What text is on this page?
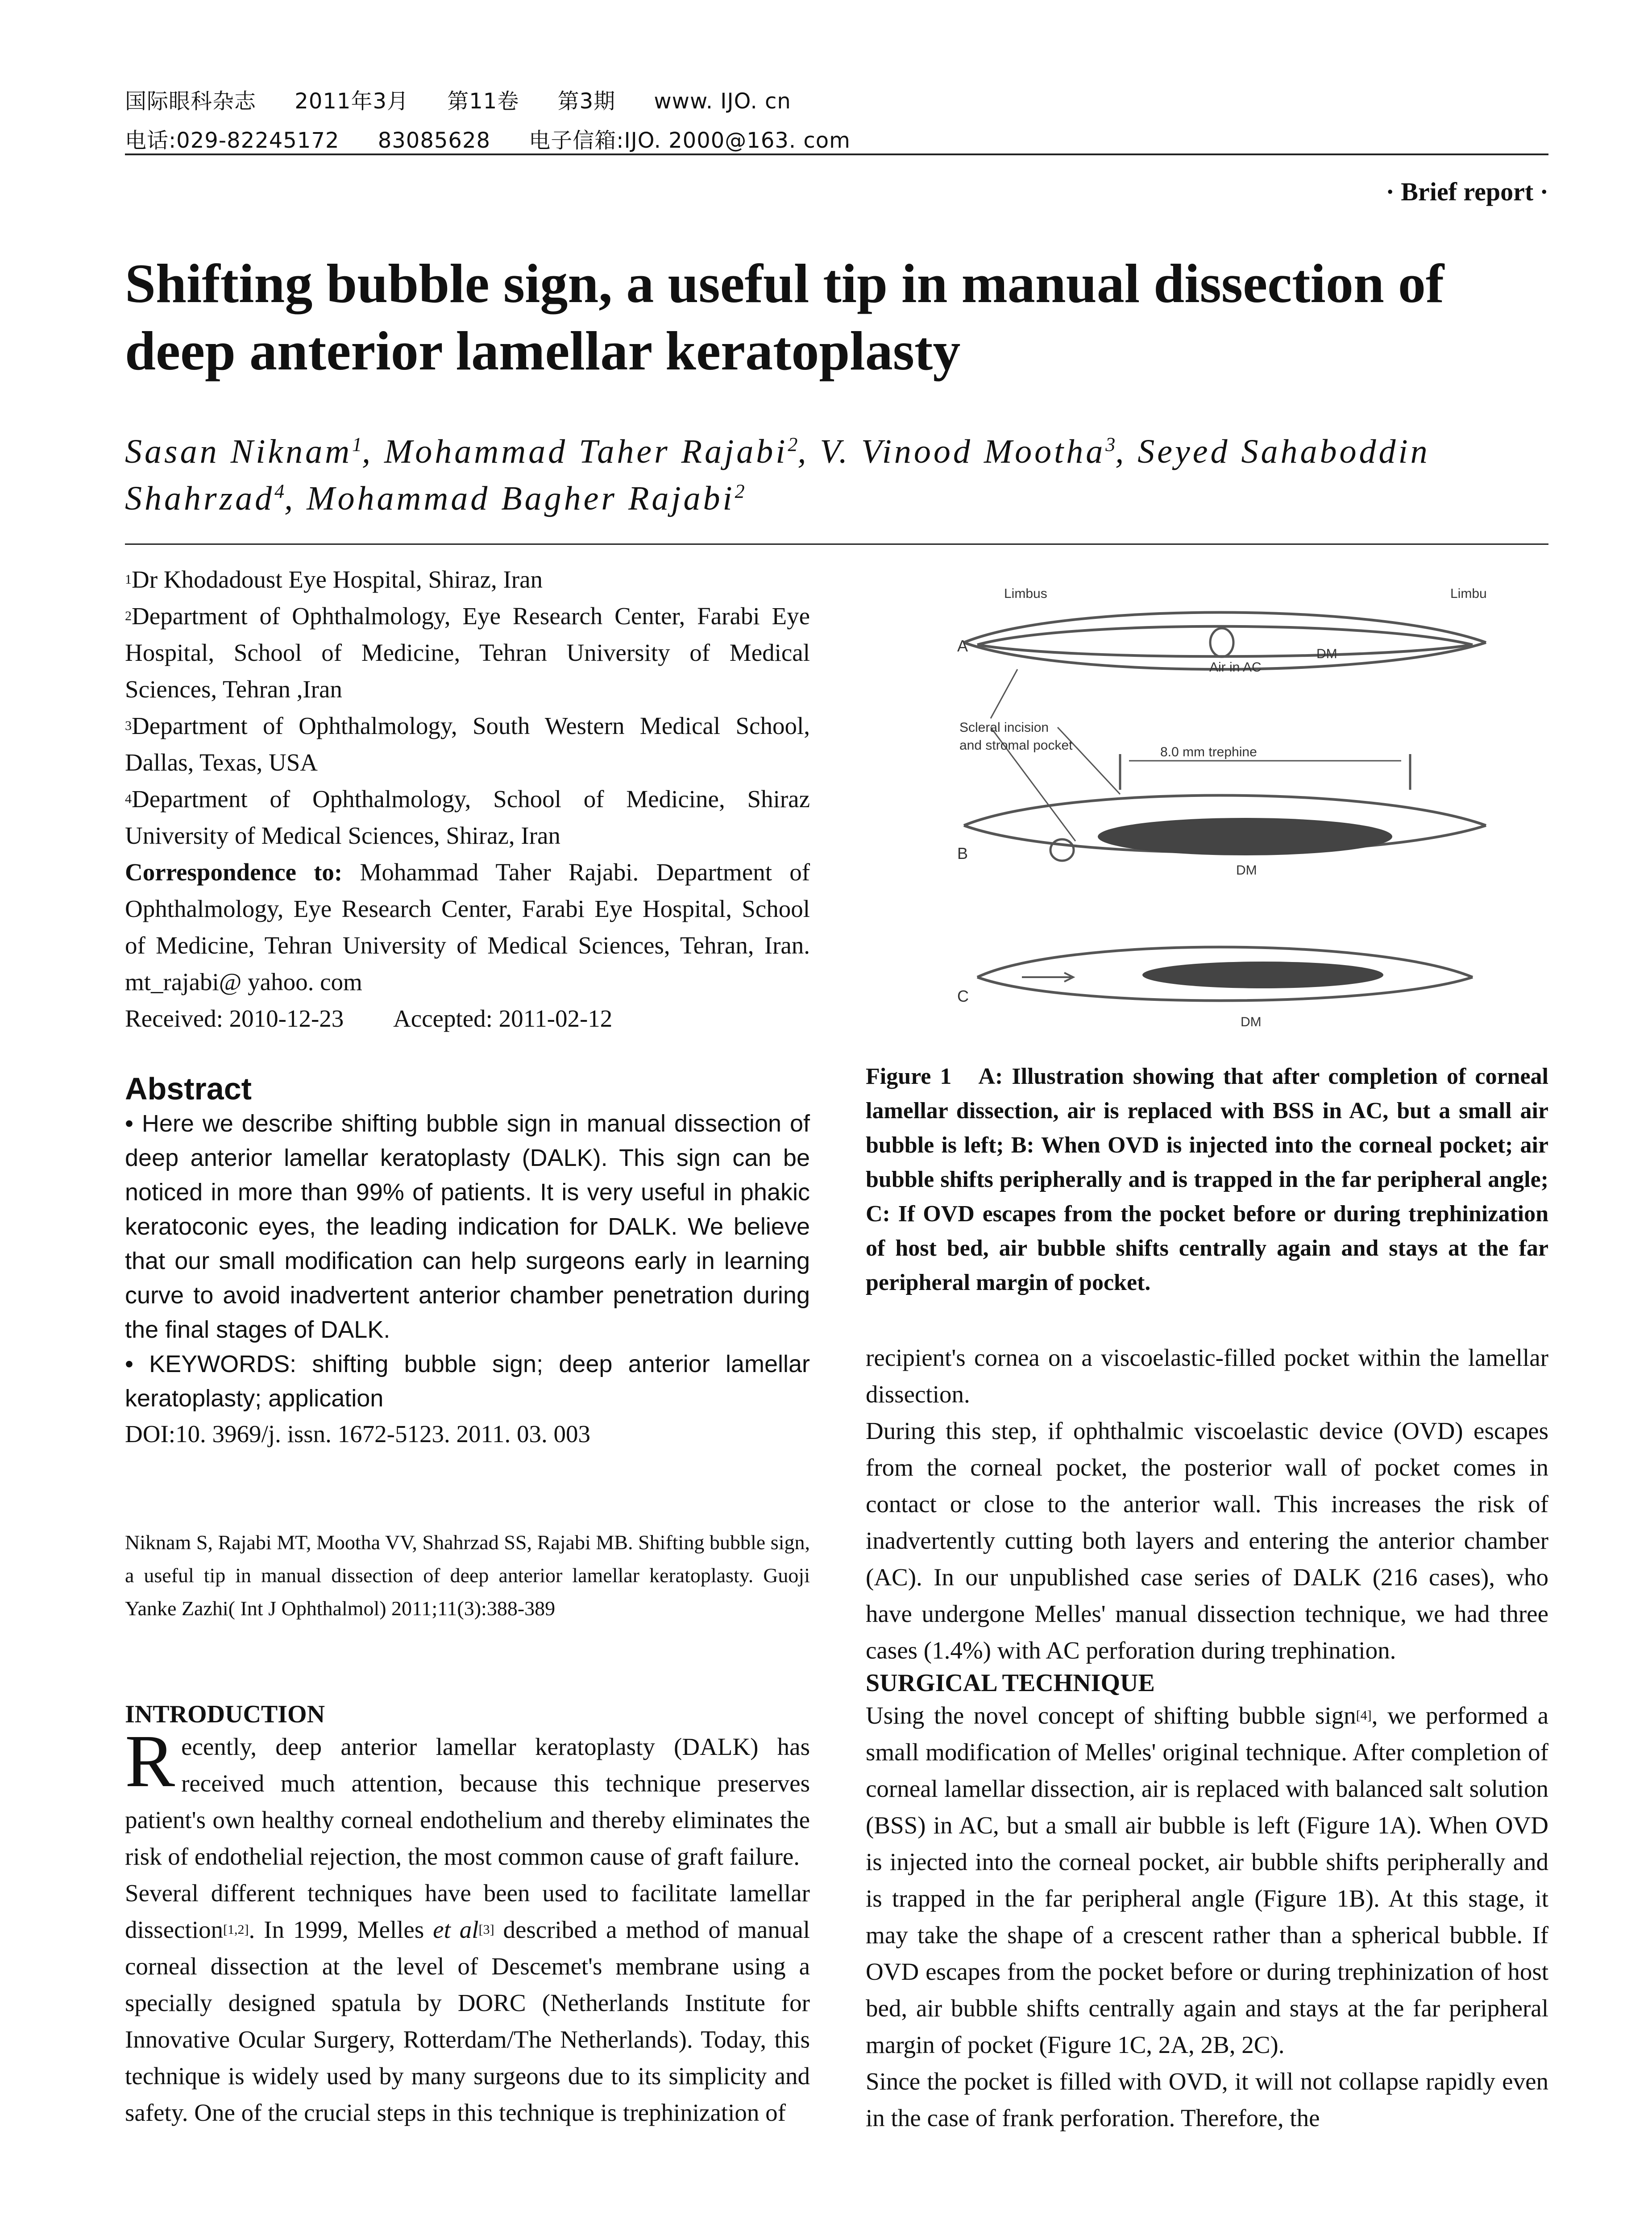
国际眼科杂志 2011年3月 第11卷 第3期 www. IJO. cn
电话:029-82245172 83085628 电子信箱:IJO. 2000@163. com
· Brief report ·
Shifting bubble sign, a useful tip in manual dissection of deep anterior lamellar keratoplasty
Sasan Niknam$^1$, Mohammad Taher Rajabi$^2$, V. Vinood Mootha$^3$, Seyed Sahaboddin Shahrzad$^4$, Mohammad Bagher Rajabi$^2$

$^1$Dr Khodadoust Eye Hospital, Shiraz, Iran

$^2$Department of Ophthalmology, Eye Research Center, Farabi Eye Hospital, School of Medicine, Tehran University of Medical Sciences, Tehran ,Iran

$^3$Department of Ophthalmology, South Western Medical School, Dallas, Texas, USA

$^4$Department of Ophthalmology, School of Medicine, Shiraz University of Medical Sciences, Shiraz, Iran

Correspondence to: Mohammad Taher Rajabi. Department of Ophthalmology, Eye Research Center, Farabi Eye Hospital, School of Medicine, Tehran University of Medical Sciences, Tehran, Iran. mt_rajabi@ yahoo. com

Received: 2010-12-23 Accepted: 2011-02-12

Abstract

• Here we describe shifting bubble sign in manual dissection of deep anterior lamellar keratoplasty (DALK). This sign can be noticed in more than 99% of patients. It is very useful in phakic keratoconic eyes, the leading indication for DALK. We believe that our small modification can help surgeons early in learning curve to avoid inadvertent anterior chamber penetration during the final stages of DALK.

• KEYWORDS: shifting bubble sign; deep anterior lamellar keratoplasty; application

DOI:10. 3969/j. issn. 1672-5123. 2011. 03. 003
Niknam S, Rajabi MT, Mootha VV, Shahrzad SS, Rajabi MB. Shifting bubble sign, a useful tip in manual dissection of deep anterior lamellar keratoplasty. Guoji Yanke Zazhi( Int J Ophthalmol) 2011;11(3):388-389

INTRODUCTION

Recently, deep anterior lamellar keratoplasty (DALK) has received much attention, because this technique preserves patient's own healthy corneal endothelium and thereby eliminates the risk of endothelial rejection, the most common cause of graft failure.

Several different techniques have been used to facilitate lamellar dissection[1,2]. In 1999, Melles et al[3] described a method of manual corneal dissection at the level of Descemet's membrane using a specially designed spatula by DORC (Netherlands Institute for Innovative Ocular Surgery, Rotterdam/The Netherlands). Today, this technique is widely used by many surgeons due to its simplicity and safety. One of the crucial steps in this technique is trephinization of

Limbus	Limbu
A
Air in AC
DM
Scleral incision
and stromal pocket	8.0 mm trephine
B
DM
C
DM
Figure 1 A: Illustration showing that after completion of corneal lamellar dissection, air is replaced with BSS in AC, but a small air bubble is left; B: When OVD is injected into the corneal pocket; air bubble shifts peripherally and is trapped in the far peripheral angle; C: If OVD escapes from the pocket before or during trephinization of host bed, air bubble shifts centrally again and stays at the far peripheral margin of pocket.

recipient's cornea on a viscoelastic-filled pocket within the lamellar dissection.

During this step, if ophthalmic viscoelastic device (OVD) escapes from the corneal pocket, the posterior wall of pocket comes in contact or close to the anterior wall. This increases the risk of inadvertently cutting both layers and entering the anterior chamber (AC). In our unpublished case series of DALK (216 cases), who have undergone Melles' manual dissection technique, we had three cases (1.4%) with AC perforation during trephination.

SURGICAL TECHNIQUE

Using the novel concept of shifting bubble sign[4], we performed a small modification of Melles' original technique. After completion of corneal lamellar dissection, air is replaced with balanced salt solution (BSS) in AC, but a small air bubble is left (Figure 1A). When OVD is injected into the corneal pocket, air bubble shifts peripherally and is trapped in the far peripheral angle (Figure 1B). At this stage, it may take the shape of a crescent rather than a spherical bubble. If OVD escapes from the pocket before or during trephinization of host bed, air bubble shifts centrally again and stays at the far peripheral margin of pocket (Figure 1C, 2A, 2B, 2C).

Since the pocket is filled with OVD, it will not collapse rapidly even in the case of frank perforation. Therefore, the
